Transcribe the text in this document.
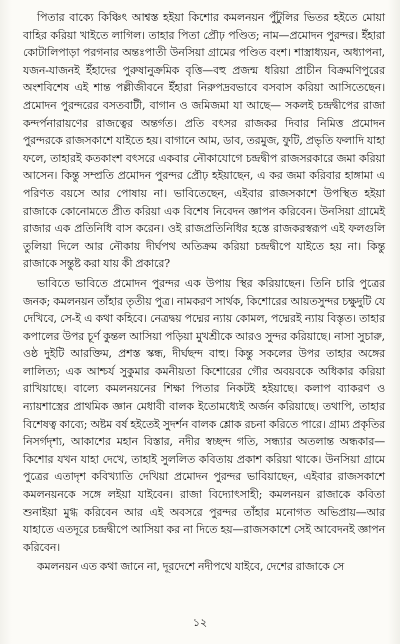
পিতার বাক্যে কিঞ্চিৎ আশ্বস্ত হইয়া কিশোর কমলনয়ন পুঁটুলির ভিতর হইতে মোয়া বাহির করিয়া খাইতে লাগিল। তাহার পিতা প্রৌঢ় পণ্ডিত; নাম—প্রমোদন পুরন্দর। ইঁহারা কোটালিপাড়া পরগনার অন্তঃপাতী উনসিয়া গ্রামের পণ্ডিত বংশ। শাস্ত্রাধ্যয়ন, অধ্যাপনা, যজন-যাজনই ইঁহাদের পুরুষানুক্রমিক বৃত্তি—বহু প্রজন্ম ধরিয়া প্রাচীন বিক্রমণিপুরের অংশবিশেষ এই শান্ত পল্লীজীবনে ইঁহারা নিরুপদ্রবভাবে বসবাস করিয়া আসিতেছেন। প্রমোদন পুরন্দরের বসতবাটী, বাগান ও জমিজমা যা আছে— সকলই চন্দ্রদ্বীপের রাজা কন্দর্পনারায়ণের রাজত্বের অন্তর্গত। প্রতি বৎসর রাজকর দিবার নিমিত্ত প্রমোদন পুরন্দরকে রাজসকাশে যাইতে হয়। বাগানে আম, ডাব, তরমুজ, ফুটি, প্রভৃতি ফলাদি যাহা ফলে, তাহারই কতকাংশ বৎসরে একবার নৌকাযোগে চন্দ্রদ্বীপ রাজসরকারে জমা করিয়া আসেন। কিন্তু সম্প্রতি প্রমোদন পুরন্দর প্রৌঢ় হইয়াছেন, এ কর জমা করিবার হাঙ্গামা এ পরিণত বয়সে আর পোষায় না। ভাবিতেছেন, এইবার রাজসকাশে উপস্থিত হইয়া রাজাকে কোনোমতে প্রীত করিয়া এক বিশেষ নিবেদন জ্ঞাপন করিবেন। উনসিয়া গ্রামেই রাজার এক প্রতিনিধি বাস করেন। ওই রাজপ্রতিনিধির হস্তে রাজকরস্বরূপ এই ফলগুলি তুলিয়া দিলে আর নৌকায় দীর্ঘপথ অতিক্রম করিয়া চন্দ্রদ্বীপে যাইতে হয় না। কিন্তু রাজাকে সন্তুষ্ট করা যায় কী প্রকারে?

ভাবিতে ভাবিতে প্রমোদন পুরন্দর এক উপায় স্থির করিয়াছেন। তিনি চারি পুত্রের জনক; কমলনয়ন তাঁহার তৃতীয় পুত্র। নামকরণ সার্থক, কিশোরের আয়তসুন্দর চক্ষুদুটি যে দেখিবে, সে-ই এ কথা কহিবে। নেত্রদ্বয় পদ্মের ন্যায় কোমল, পদ্মেরই ন্যায় বিস্তৃত। তাহার কপালের উপর চূর্ণ কুন্তল আসিয়া পড়িয়া মুখশ্রীকে আরও সুন্দর করিয়াছে। নাসা সুচারু, ওষ্ঠ দুইটি আরক্তিম, প্রশস্ত স্কন্ধ, দীর্ঘছন্দ বাহু। কিন্তু সকলের উপর তাহার অঙ্গের লালিত্য; এক আশ্চর্য সুকুমার কমনীয়তা কিশোরের গৌর অবয়বকে অধিকার করিয়া রাখিয়াছে। বাল্যে কমলনয়নের শিক্ষা পিতার নিকটই হইয়াছে। কলাপ ব্যাকরণ ও ন্যায়শাস্ত্রের প্রাথমিক জ্ঞান মেধাবী বালক ইতোমধ্যেই অর্জন করিয়াছে। তথাপি, তাহার বিশেষত্ব কাব্যে; অষ্টম বর্ষ হইতেই সুদর্শন বালক শ্লোক রচনা করিতে পারে। গ্রাম্য প্রকৃতির নিসর্গদৃশ্য, আকাশের মহান বিস্তার, নদীর স্বচ্ছন্দ গতি, সন্ধ্যার অতলান্ত অন্ধকার—কিশোর যখন যাহা দেখে, তাহাই সুললিত কবিতায় প্রকাশ করিয়া থাকে। উনসিয়া গ্রামে পুত্রের এতাদৃশ কবিখ্যাতি দেখিয়া প্রমোদন পুরন্দর ভাবিয়াছেন, এইবার রাজসকাশে কমলনয়নকে সঙ্গে লইয়া যাইবেন। রাজা বিদ্যোৎসাহী; কমলনয়ন রাজাকে কবিতা শুনাইয়া মুগ্ধ করিবেন আর এই অবসরে পুরন্দর তাঁহার মনোগত অভিপ্রায়—আর যাহাতে এতদূরে চন্দ্রদ্বীপে আসিয়া কর না দিতে হয়—রাজসকাশে সেই আবেদনই জ্ঞাপন করিবেন।

কমলনয়ন এত কথা জানে না, দূরদেশে নদীপথে যাইবে, দেশের রাজাকে সে

১২
